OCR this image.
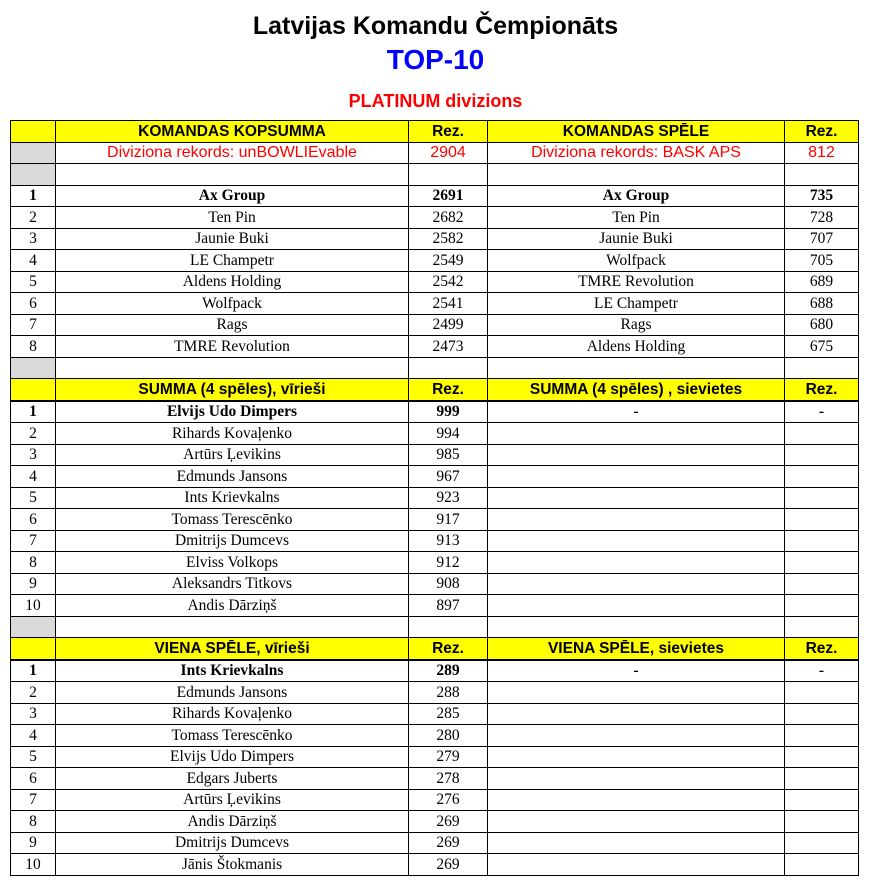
Latvijas Komandu Čempionāts
TOP-10
PLATINUM divizions
	KOMANDAS KOPSUMMA	Rez.	KOMANDAS SPĒLE	Rez.
	Diviziona rekords: unBOWLIEvable	2904	Diviziona rekords: BASK APS	812

1	Ax Group	2691	Ax Group	735
2	Ten Pin	2682	Ten Pin	728
3	Jaunie Buki	2582	Jaunie Buki	707
4	LE Champetr	2549	Wolfpack	705
5	Aldens Holding	2542	TMRE Revolution	689
6	Wolfpack	2541	LE Champetr	688
7	Rags	2499	Rags	680
8	TMRE Revolution	2473	Aldens Holding	675

	SUMMA (4 spēles), vīrieši	Rez.	SUMMA (4 spēles) , sievietes	Rez.
1	Elvijs Udo Dimpers	999	-	-
2	Rihards Kovaļenko	994		
3	Artūrs Ļevikins	985		
4	Edmunds Jansons	967		
5	Ints Krievkalns	923		
6	Tomass Terescēnko	917		
7	Dmitrijs Dumcevs	913		
8	Elviss Volkops	912		
9	Aleksandrs Titkovs	908		
10	Andis Dārziņš	897		

	VIENA SPĒLE, vīrieši	Rez.	VIENA SPĒLE, sievietes	Rez.
1	Ints Krievkalns	289	-	-
2	Edmunds Jansons	288		
3	Rihards Kovaļenko	285		
4	Tomass Terescēnko	280		
5	Elvijs Udo Dimpers	279		
6	Edgars Juberts	278		
7	Artūrs Ļevikins	276		
8	Andis Dārziņš	269		
9	Dmitrijs Dumcevs	269		
10	Jānis Štokmanis	269		
